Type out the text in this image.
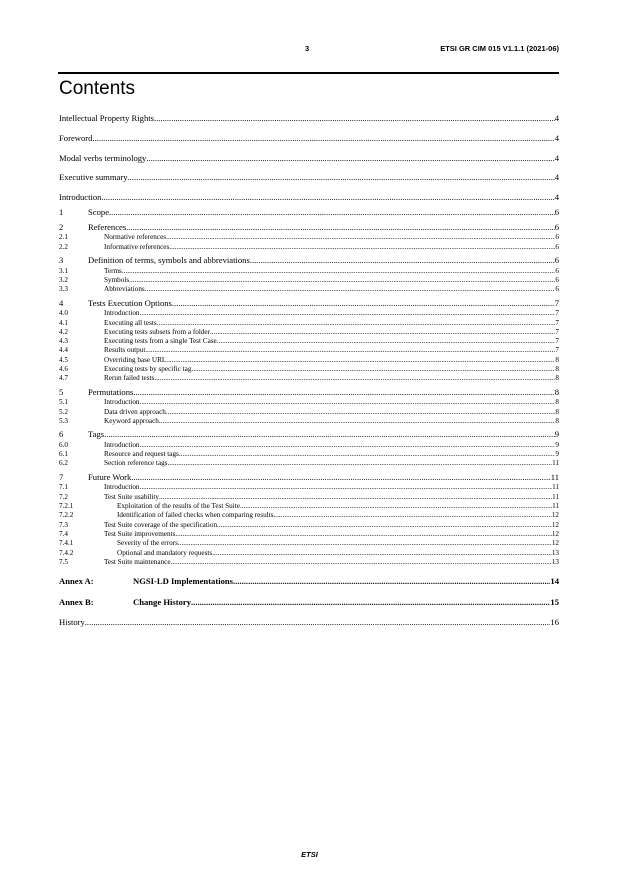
3	ETSI GR CIM 015 V1.1.1 (2021-06)
Contents
Intellectual Property Rights .....	4
Foreword .....	4
Modal verbs terminology .....	4
Executive summary .....	4
Introduction .....	4
1	Scope .....	6
2	References .....	6
2.1	Normative references .....	6
2.2	Informative references .....	6
3	Definition of terms, symbols and abbreviations .....	6
3.1	Terms .....	6
3.2	Symbols .....	6
3.3	Abbreviations .....	6
4	Tests Execution Options .....	7
4.0	Introduction .....	7
4.1	Executing all tests .....	7
4.2	Executing tests subsets from a folder .....	7
4.3	Executing tests from a single Test Case .....	7
4.4	Results output .....	7
4.5	Overriding base URL .....	8
4.6	Executing tests by specific tag .....	8
4.7	Rerun failed tests .....	8
5	Permutations .....	8
5.1	Introduction .....	8
5.2	Data driven approach .....	8
5.3	Keyword approach .....	8
6	Tags .....	9
6.0	Introduction .....	9
6.1	Resource and request tags .....	9
6.2	Section reference tags .....	11
7	Future Work .....	11
7.1	Introduction .....	11
7.2	Test Suite usability .....	11
7.2.1	Exploitation of the results of the Test Suite .....	11
7.2.2	Identification of failed checks when comparing results .....	12
7.3	Test Suite coverage of the specification .....	12
7.4	Test Suite improvements .....	12
7.4.1	Severity of the errors .....	12
7.4.2	Optional and mandatory requests .....	13
7.5	Test Suite maintenance .....	13
Annex A:	NGSI-LD Implementations .....	14
Annex B:	Change History .....	15
History .....	16
ETSI
